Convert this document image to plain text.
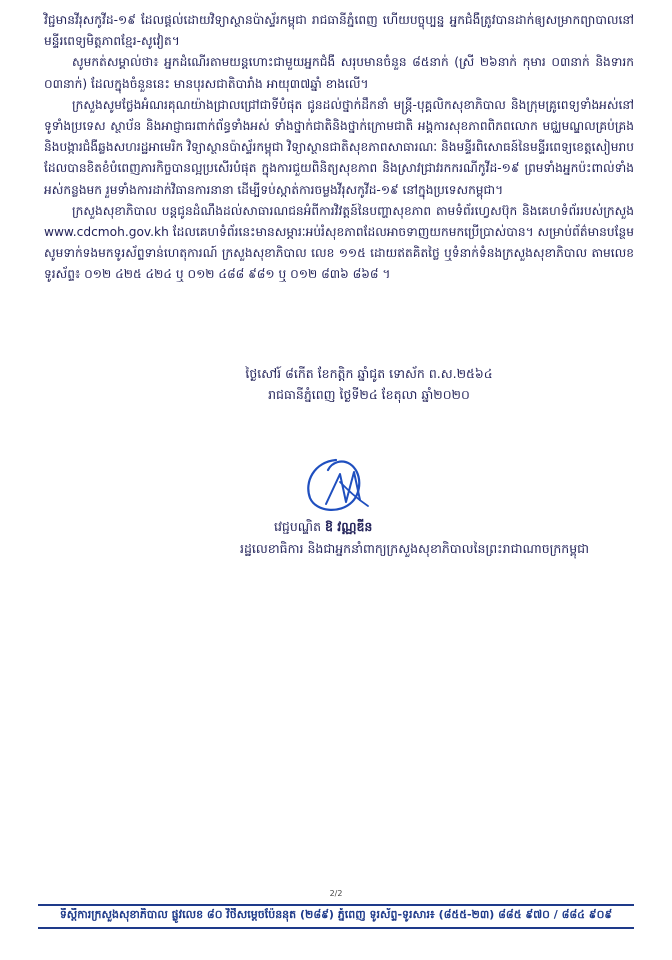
វិជ្ជមានវីរុសកូវីដ-១៩ ដែលផ្តល់ដោយវិទ្យាស្ថានប៉ាស្ទ័រកម្ពុជា រាជធានីភ្នំពេញ ហើយបច្ចុប្បន្ន អ្នកជំងឺត្រូវបានដាក់ឲ្យសម្រាកព្យាបាលនៅមន្ទីរពេទ្យមិត្តភាពខ្មែរ-សូវៀត។

សូមកត់សម្គាល់ថា៖ អ្នកដំណើរតាមយន្តហោះជាមួយអ្នកជំងឺ សរុបមានចំនួន ៨៥នាក់ (ស្រី ២៦នាក់ កុមារ ០៣នាក់ និងទារក ០៣នាក់) ដែលក្នុងចំនួននេះ មានបុរសជាតិបារាំង អាយុ៣៧ឆ្នាំ ខាងលើ។

ក្រសួងសូមថ្លែងអំណរគុណយ៉ាងជ្រាលជ្រៅជាទីបំផុត ជូនដល់ថ្នាក់ដឹកនាំ មន្ត្រី-បុគ្គលិកសុខាភិបាល និងក្រុមគ្រូពេទ្យទាំងអស់នៅទូទាំងប្រទេស ស្ថាប័ន និងអាជ្ញាធរពាក់ព័ន្ធទាំងអស់ ទាំងថ្នាក់ជាតិនិងថ្នាក់ក្រោមជាតិ អង្គការសុខភាពពិភពលោក មជ្ឈមណ្ឌលគ្រប់គ្រង និងបង្ការជំងឺឆ្លងសហរដ្ឋអាមេរិក វិទ្យាស្ថានប៉ាស្ទ័រកម្ពុជា វិទ្យាស្ថានជាតិសុខភាពសាធារណៈ និងមន្ទីរពិសោធន៍នៃមន្ទីរពេទ្យខេត្តសៀមរាប ដែលបានខិតខំបំពេញភារកិច្ចបានល្អប្រសើរបំផុត ក្នុងការជួយពិនិត្យសុខភាព និងស្រាវជ្រាវរកករណីកូវីដ-១៩ ព្រមទាំងអ្នកប៉ះពាល់ទាំងអស់កន្លងមក រួមទាំងការដាក់វិធានការនានា ដើម្បីទប់ស្កាត់ការចម្លងវីរុសកូវីដ-១៩ នៅក្នុងប្រទេសកម្ពុជា។

ក្រសួងសុខាភិបាល បន្តជូនដំណឹងដល់សាធារណជនអំពីការវិវត្តន៍នៃបញ្ហាសុខភាព តាមទំព័រហ្វេសប៊ុក និងគេហទំព័ររបស់ក្រសួង www.cdcmoh.gov.kh ដែលគេហទំព័រនេះមានសម្ភារៈអប់រំសុខភាពដែលអាចទាញយកមកប្រើប្រាស់បាន។ សម្រាប់ព័ត៌មានបន្ថែម សូមទាក់ទងមកទូរស័ព្ទទាន់ហេតុការណ៍ ក្រសួងសុខាភិបាល លេខ ១១៥ ដោយឥតគិតថ្លៃ ឬទំនាក់ទំនងក្រសួងសុខាភិបាល តាមលេខទូរស័ព្ទ៖ ០១២ ៤២៥ ៤២៤ ឬ ០១២ ៤៨៨ ៩៨១ ឬ ០១២ ៨៣៦ ៨៦៨ ។

ថ្ងៃសៅរ៍ ៨កើត ខែកត្តិក ឆ្នាំជូត ទោស័ក ព.ស.២៥៦៤
រាជធានីភ្នំពេញ ថ្ងៃទី២៤ ខែតុលា ឆ្នាំ២០២០
វេជ្ជបណ្ឌិត ឱ វណ្ណឌីន
រដ្ឋលេខាធិការ និងជាអ្នកនាំពាក្យក្រសួងសុខាភិបាលនៃព្រះរាជាណាចក្រកម្ពុជា
2/2
ទីស្តីការក្រសួងសុខាភិបាល ផ្លូវលេខ ៨០ វិថីសម្តេចប៉ែននុត (២៨៩) ភ្នំពេញ ទូរស័ព្ទ-ទូរសារ៖ (៨៥៥-២៣) ៨៨៥ ៩៧០ / ៨៨៤ ៩០៩
